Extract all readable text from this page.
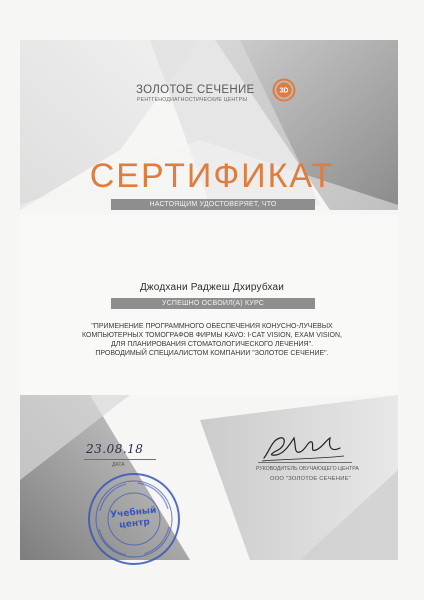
ЗОЛОТОЕ СЕЧЕНИЕ
РЕНТГЕНОДИАГНОСТИЧЕСКИЕ ЦЕНТРЫ
3D
СЕРТИФИКАТ
НАСТОЯЩИМ УДОСТОВЕРЯЕТ, ЧТО
Джодхани Раджеш Дхирубхаи
УСПЕШНО ОСВОИЛ(А) КУРС
"ПРИМЕНЕНИЕ ПРОГРАММНОГО ОБЕСПЕЧЕНИЯ КОНУСНО-ЛУЧЕВЫХ
КОМПЬЮТЕРНЫХ ТОМОГРАФОВ ФИРМЫ KAVO: I-CAT VISION, EXAM VISION,
ДЛЯ ПЛАНИРОВАНИЯ СТОМАТОЛОГИЧЕСКОГО ЛЕЧЕНИЯ".
ПРОВОДИМЫЙ СПЕЦИАЛИСТОМ КОМПАНИИ "ЗОЛОТОЕ СЕЧЕНИЕ".
23.08.18
ДАТА
РУКОВОДИТЕЛЬ ОБУЧАЮЩЕГО ЦЕНТРА
ООО "ЗОЛОТОЕ СЕЧЕНИЕ"
Учебный
центр
